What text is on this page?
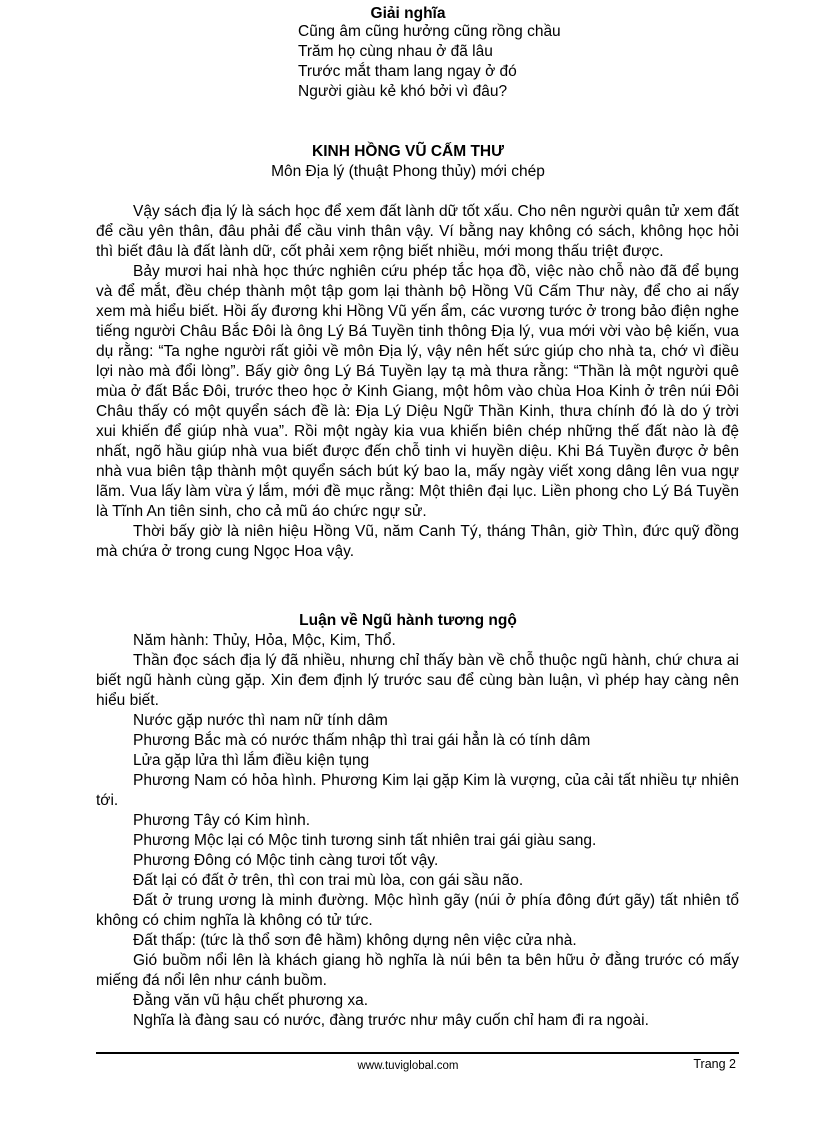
Giải nghĩa
Cũng âm cũng hưởng cũng rồng chầu
Trăm họ cùng nhau ở đã lâu
Trước mắt tham lang ngay ở đó
Người giàu kẻ khó bởi vì đâu?
KINH HỒNG VŨ CẤM THƯ
Môn Địa lý (thuật Phong thủy) mới chép

Vậy sách địa lý là sách học để xem đất lành dữ tốt xấu. Cho nên người quân tử xem đất để cầu yên thân, đâu phải để cầu vinh thân vậy. Ví bằng nay không có sách, không học hỏi thì biết đâu là đất lành dữ, cốt phải xem rộng biết nhiều, mới mong thấu triệt được.

Bảy mươi hai nhà học thức nghiên cứu phép tắc họa đồ, việc nào chỗ nào đã để bụng và để mắt, đều chép thành một tập gom lại thành bộ Hồng Vũ Cấm Thư này, để cho ai nấy xem mà hiểu biết. Hồi ấy đương khi Hồng Vũ yến ẩm, các vương tước ở trong bảo điện nghe tiếng người Châu Bắc Đôi là ông Lý Bá Tuyền tinh thông Địa lý, vua mới vời vào bệ kiến, vua dụ rằng: “Ta nghe người rất giỏi về môn Địa lý, vậy nên hết sức giúp cho nhà ta, chớ vì điều lợi nào mà đổi lòng”. Bấy giờ ông Lý Bá Tuyền lạy tạ mà thưa rằng: “Thần là một người quê mùa ở đất Bắc Đôi, trước theo học ở Kinh Giang, một hôm vào chùa Hoa Kinh ở trên núi Đôi Châu thấy có một quyển sách đề là: Địa Lý Diệu Ngữ Thần Kinh, thưa chính đó là do ý trời xui khiến để giúp nhà vua”. Rồi một ngày kia vua khiến biên chép những thế đất nào là đệ nhất, ngõ hầu giúp nhà vua biết được đến chỗ tinh vi huyền diệu. Khi Bá Tuyền được ở bên nhà vua biên tập thành một quyển sách bút ký bao la, mấy ngày viết xong dâng lên vua ngự lãm. Vua lấy làm vừa ý lắm, mới đề mục rằng: Một thiên đại lục. Liền phong cho Lý Bá Tuyền là Tĩnh An tiên sinh, cho cả mũ áo chức ngự sử.

Thời bấy giờ là niên hiệu Hồng Vũ, năm Canh Tý, tháng Thân, giờ Thìn, đức quỹ đồng mà chứa ở trong cung Ngọc Hoa vậy.

Luận về Ngũ hành tương ngộ

Năm hành: Thủy, Hỏa, Mộc, Kim, Thổ.

Thần đọc sách địa lý đã nhiều, nhưng chỉ thấy bàn về chỗ thuộc ngũ hành, chứ chưa ai biết ngũ hành cùng gặp. Xin đem định lý trước sau để cùng bàn luận, vì phép hay càng nên hiểu biết.

Nước gặp nước thì nam nữ tính dâm

Phương Bắc mà có nước thấm nhập thì trai gái hẳn là có tính dâm

Lửa gặp lửa thì lắm điều kiện tụng

Phương Nam có hỏa hình. Phương Kim lại gặp Kim là vượng, của cải tất nhiều tự nhiên tới.

Phương Tây có Kim hình.

Phương Mộc lại có Mộc tinh tương sinh tất nhiên trai gái giàu sang.

Phương Đông có Mộc tinh càng tươi tốt vậy.

Đất lại có đất ở trên, thì con trai mù lòa, con gái sầu não.

Đất ở trung ương là minh đường. Mộc hình gãy (núi ở phía đông đứt gãy) tất nhiên tổ không có chim nghĩa là không có tử tức.

Đất thấp: (tức là thổ sơn đê hầm) không dựng nên việc cửa nhà.

Gió buồm nổi lên là khách giang hồ nghĩa là núi bên ta bên hữu ở đằng trước có mấy miếng đá nổi lên như cánh buồm.

Đằng văn vũ hậu chết phương xa.

Nghĩa là đàng sau có nước, đàng trước như mây cuốn chỉ ham đi ra ngoài.

www.tuviglobal.com	Trang 2
